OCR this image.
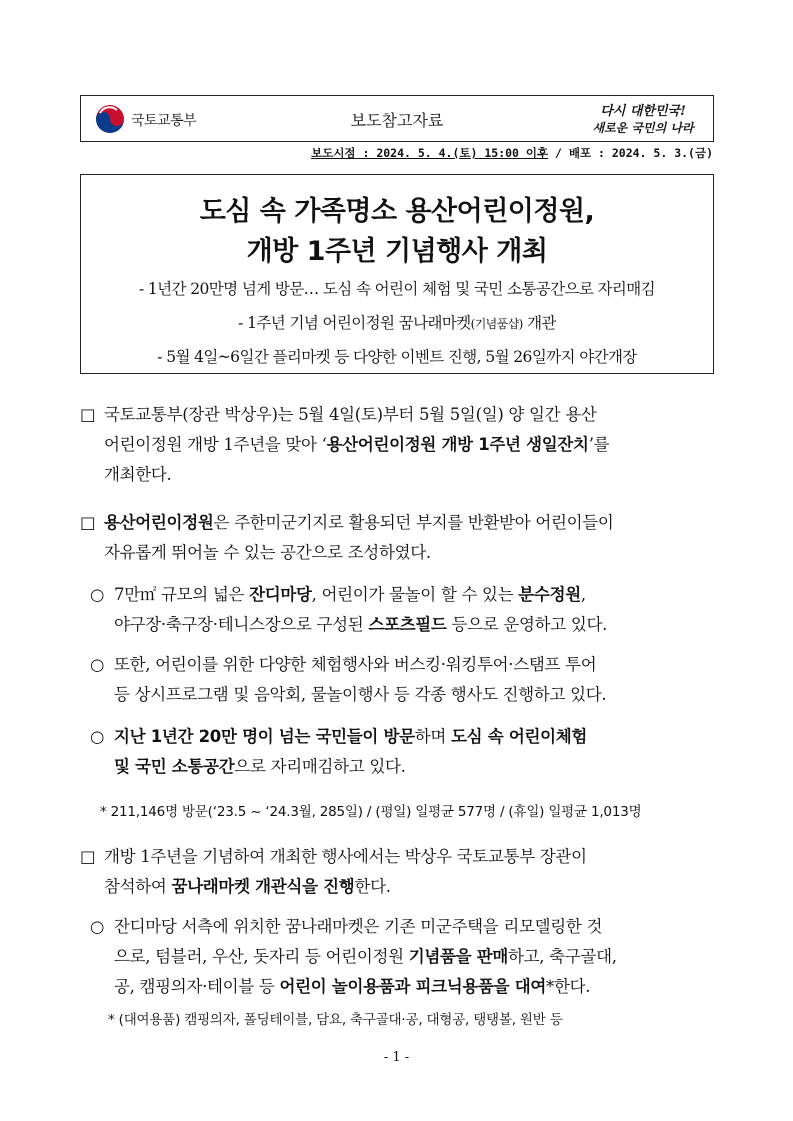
국토교통부	보도참고자료	다시 대한민국!
새로운 국민의 나라
보도시점 : 2024. 5. 4.(토) 15:00 이후 / 배포 : 2024. 5. 3.(금)
도심 속 가족명소 용산어린이정원,
개방 1주년 기념행사 개최
- 1년간 20만명 넘게 방문… 도심 속 어린이 체험 및 국민 소통공간으로 자리매김
- 1주년 기념 어린이정원 꿈나래마켓(기념품샵) 개관
- 5월 4일~6일간 플리마켓 등 다양한 이벤트 진행, 5월 26일까지 야간개장
□ 국토교통부(장관 박상우)는 5월 4일(토)부터 5월 5일(일) 양 일간 용산
어린이정원 개방 1주년을 맞아 ‘용산어린이정원 개방 1주년 생일잔치’를
개최한다.
□ 용산어린이정원은 주한미군기지로 활용되던 부지를 반환받아 어린이들이
자유롭게 뛰어놀 수 있는 공간으로 조성하였다.
○ 7만㎡ 규모의 넓은 잔디마당, 어린이가 물놀이 할 수 있는 분수정원,
야구장·축구장·테니스장으로 구성된 스포츠필드 등으로 운영하고 있다.
○ 또한, 어린이를 위한 다양한 체험행사와 버스킹·워킹투어·스탬프 투어
등 상시프로그램 및 음악회, 물놀이행사 등 각종 행사도 진행하고 있다.
○ 지난 1년간 20만 명이 넘는 국민들이 방문하며 도심 속 어린이체험
및 국민 소통공간으로 자리매김하고 있다.
* 211,146명 방문(‘23.5 ~ ‘24.3월, 285일) / (평일) 일평균 577명 / (휴일) 일평균 1,013명
□ 개방 1주년을 기념하여 개최한 행사에서는 박상우 국토교통부 장관이
참석하여 꿈나래마켓 개관식을 진행한다.
○ 잔디마당 서측에 위치한 꿈나래마켓은 기존 미군주택을 리모델링한 것
으로, 텀블러, 우산, 돗자리 등 어린이정원 기념품을 판매하고, 축구골대,
공, 캠핑의자·테이블 등 어린이 놀이용품과 피크닉용품을 대여*한다.
* (대여용품) 캠핑의자, 폴딩테이블, 담요, 축구골대·공, 대형공, 탱탱볼, 원반 등
- 1 -
